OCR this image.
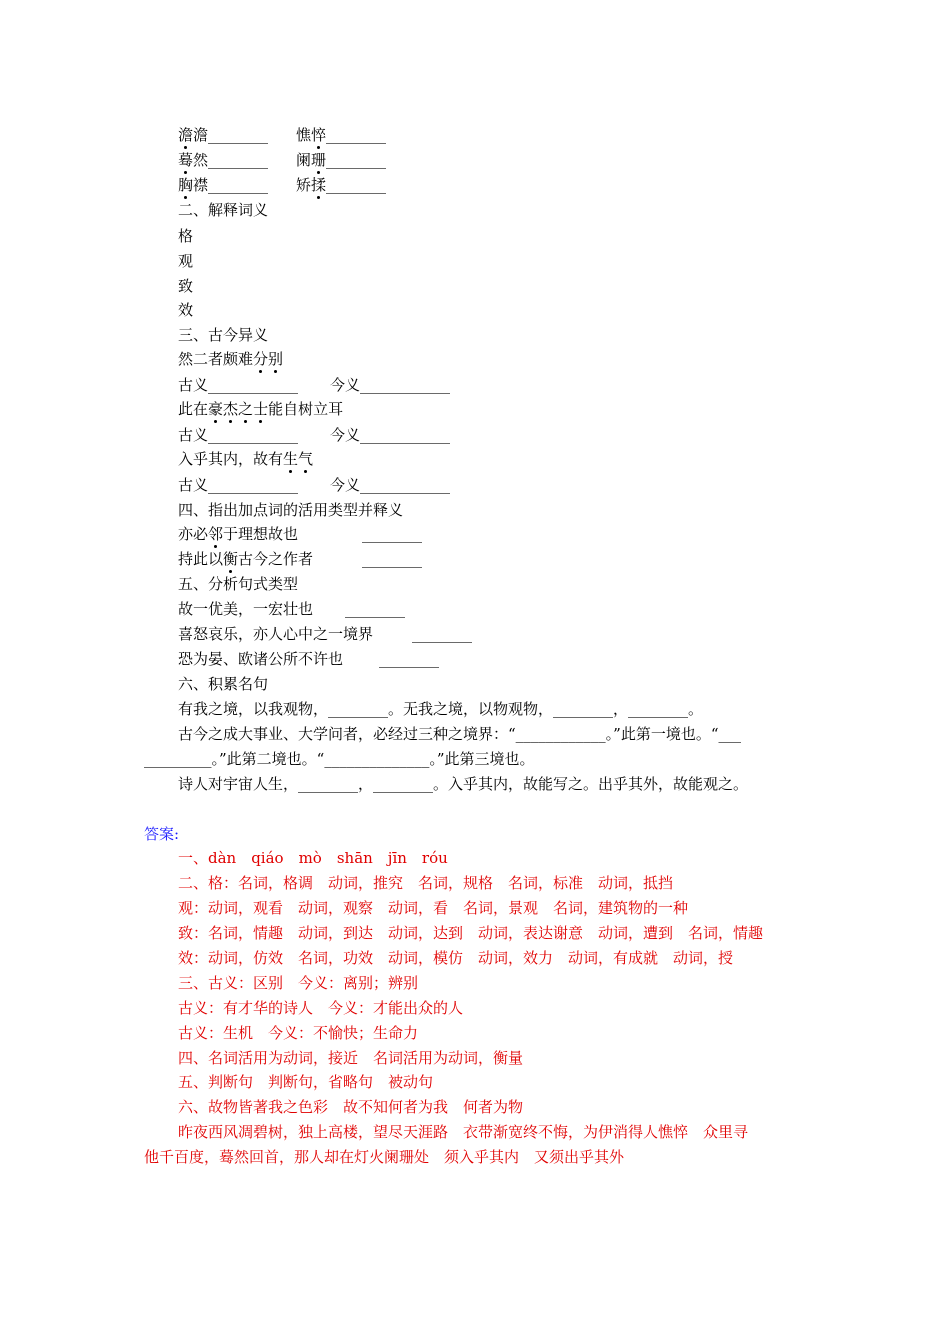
澹澹________ 憔悴________
蓦然________ 阑珊________
胸襟________ 矫揉________
二、解释词义
格
观
致
效
三、古今异义
然二者颇难分别
古义____________ 今义____________
此在豪杰之士能自树立耳
古义____________ 今义____________
入乎其内，故有生气
古义____________ 今义____________
四、指出加点词的活用类型并释义
亦必邻于理想故也	________
持此以衡古今之作者	________
五、分析句式类型
故一优美，一宏壮也 ________
喜怒哀乐，亦人心中之一境界	________
恐为晏、欧诸公所不许也 ________
六、积累名句
有我之境，以我观物，________。无我之境，以物观物，________，________。
古今之成大事业、大学问者，必经过三种之境界：“____________。”此第一境也。“___
_________。”此第二境也。“______________。”此第三境也。
诗人对宇宙人生，________，________。入乎其内，故能写之。出乎其外，故能观之。
答案:
一、dàn　qiáo　mò　shān　jīn　róu
二、格：名词，格调　动词，推究　名词，规格　名词，标准　动词，抵挡
观：动词，观看　动词，观察　动词，看　名词，景观　名词，建筑物的一种
致：名词，情趣　动词，到达　动词，达到　动词，表达谢意　动词，遭到　名词，情趣
效：动词，仿效　名词，功效　动词，模仿　动词，效力　动词，有成就　动词，授
三、古义：区别　今义：离别；辨别
古义：有才华的诗人　今义：才能出众的人
古义：生机　今义：不愉快；生命力
四、名词活用为动词，接近　名词活用为动词，衡量
五、判断句　判断句，省略句　被动句
六、故物皆著我之色彩　故不知何者为我　何者为物
昨夜西风凋碧树，独上高楼，望尽天涯路　衣带渐宽终不悔，为伊消得人憔悴　众里寻
他千百度，蓦然回首，那人却在灯火阑珊处　须入乎其内　又须出乎其外
